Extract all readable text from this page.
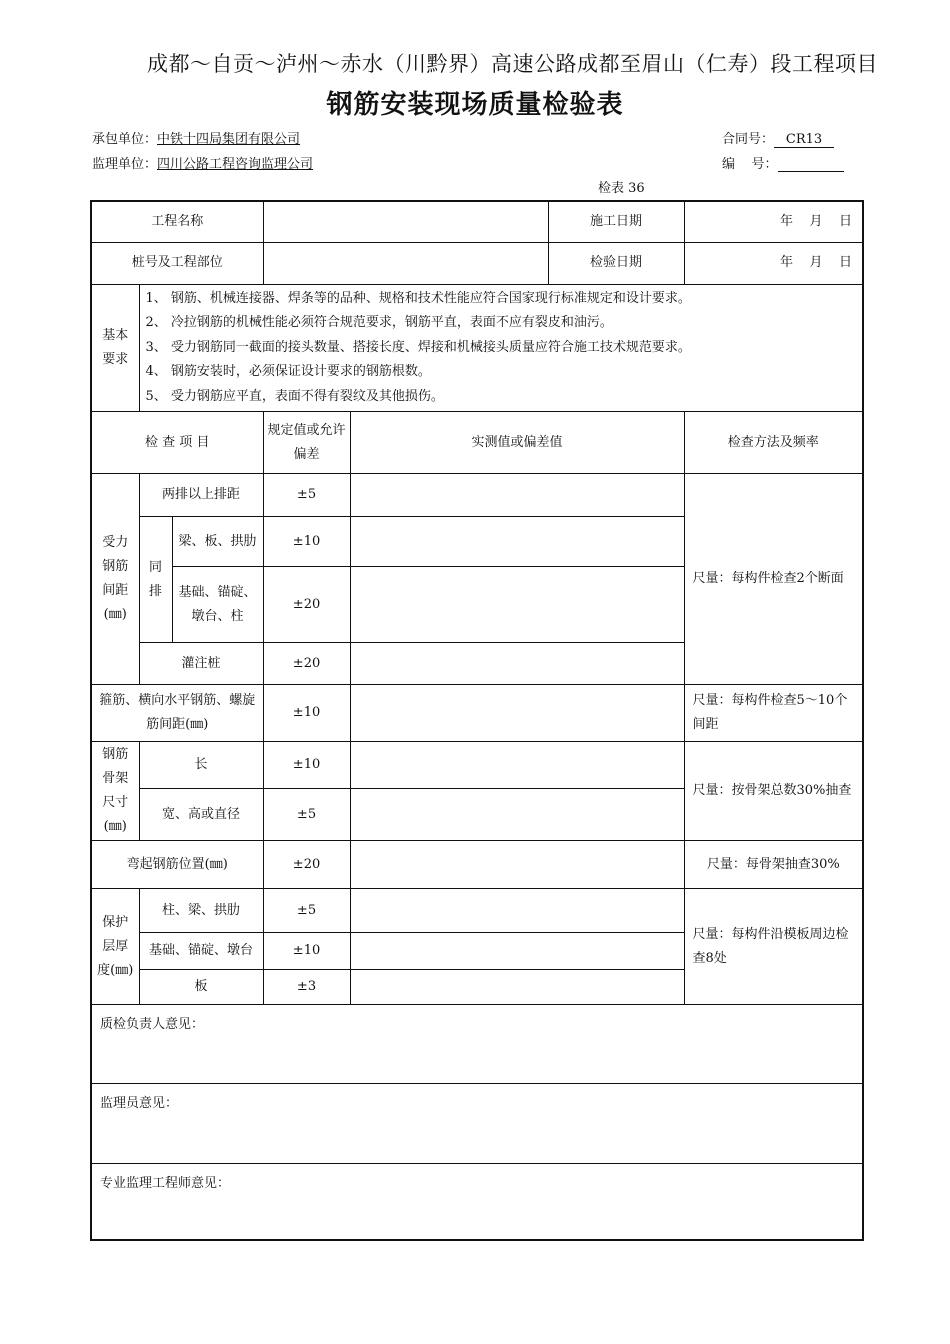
成都～自贡～泸州～赤水（川黔界）高速公路成都至眉山（仁寿）段工程项目
钢筋安装现场质量检验表
承包单位：中铁十四局集团有限公司
监理单位：四川公路工程咨询监理公司
合同号： CR13
编    号：
检表 36
工程名称					施工日期	年    月    日
桩号及工程部位					检验日期	年    月    日
基本要求	1、 钢筋、机械连接器、焊条等的品种、规格和技术性能应符合国家现行标准规定和设计要求。
2、 冷拉钢筋的机械性能必须符合规范要求，钢筋平直，表面不应有裂皮和油污。
3、 受力钢筋同一截面的接头数量、搭接长度、焊接和机械接头质量应符合施工技术规范要求。
4、 钢筋安装时，必须保证设计要求的钢筋根数。
5、 受力钢筋应平直，表面不得有裂纹及其他损伤。					

检 查 项 目			规定值或允许偏差	实测值或偏差值		检查方法及频率
受力钢筋间距(㎜)	两排以上排距		±5			尺量：每构件检查2个断面
	同排	梁、板、拱肋	±10			
		基础、锚碇、墩台、柱	±20			
	灌注桩		±20			
箍筋、横向水平钢筋、螺旋筋间距(㎜)			±10			尺量：每构件检查5～10个间距
钢筋骨架尺寸(㎜)	长		±10			尺量：按骨架总数30%抽查
	宽、高或直径		±5			
弯起钢筋位置(㎜)			±20			尺量：每骨架抽查30%
保护层厚度(㎜)	柱、梁、拱肋		±5			尺量：每构件沿模板周边检查8处
	基础、锚碇、墩台		±10			
	板		±3			
质检负责人意见：						
监理员意见：						
专业监理工程师意见：						
